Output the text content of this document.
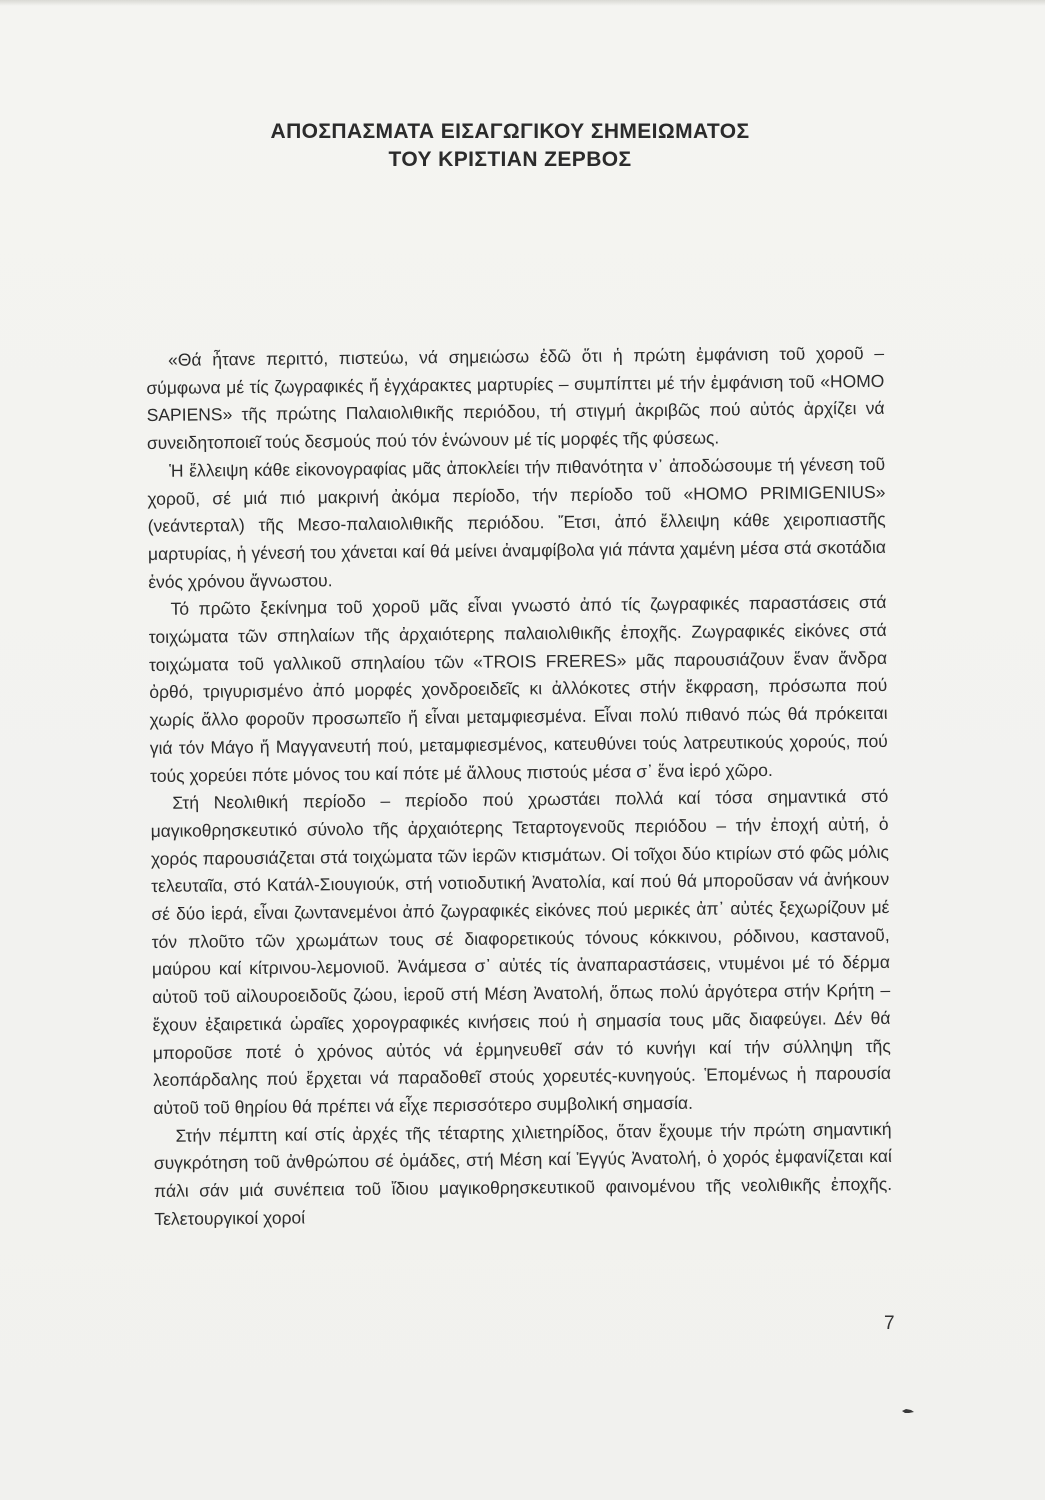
ΑΠΟΣΠΑΣΜΑΤΑ ΕΙΣΑΓΩΓΙΚΟΥ ΣΗΜΕΙΩΜΑΤΟΣ
ΤΟΥ ΚΡΙΣΤΙΑΝ ΖΕΡΒΟΣ

«Θά ἦτανε περιττό, πιστεύω, νά σημειώσω ἐδῶ ὅτι ἡ πρώτη ἐμφάνιση τοῦ χοροῦ – σύμφωνα μέ τίς ζωγραφικές ἤ ἐγχάρακτες μαρτυρίες – συμπίπτει μέ τήν ἐμφάνιση τοῦ «HOMO SAPIENS» τῆς πρώτης Παλαιολιθικῆς περιόδου, τή στιγμή ἀκριβῶς πού αὐτός ἀρχίζει νά συνειδητοποιεῖ τούς δεσμούς πού τόν ἑνώνουν μέ τίς μορφές τῆς φύσεως.

Ἡ ἔλλειψη κάθε εἰκονογραφίας μᾶς ἀποκλείει τήν πιθανότητα ν᾽ ἀποδώσουμε τή γένεση τοῦ χοροῦ, σέ μιά πιό μακρινή ἀκόμα περίοδο, τήν περίοδο τοῦ «HOMO PRIMIGENIUS» (νεάντερταλ) τῆς Μεσο-παλαιολιθικῆς περιόδου. Ἔτσι, ἀπό ἔλλειψη κάθε χειροπιαστῆς μαρτυρίας, ἡ γένεσή του χάνεται καί θά μείνει ἀναμφίβολα γιά πάντα χαμένη μέσα στά σκοτάδια ἑνός χρόνου ἄγνωστου.

Τό πρῶτο ξεκίνημα τοῦ χοροῦ μᾶς εἶναι γνωστό ἀπό τίς ζωγραφικές παραστάσεις στά τοιχώματα τῶν σπηλαίων τῆς ἀρχαιότερης παλαιολιθικῆς ἐποχῆς. Ζωγραφικές εἰκόνες στά τοιχώματα τοῦ γαλλικοῦ σπηλαίου τῶν «TROIS FRERES» μᾶς παρουσιάζουν ἕναν ἄνδρα ὀρθό, τριγυρισμένο ἀπό μορφές χονδροειδεῖς κι ἀλλόκοτες στήν ἔκφραση, πρόσωπα πού χωρίς ἄλλο φοροῦν προσωπεῖο ἤ εἶναι μεταμφιεσμένα. Εἶναι πολύ πιθανό πώς θά πρόκειται γιά τόν Μάγο ἤ Μαγγανευτή πού, μεταμφιεσμένος, κατευθύνει τούς λατρευτικούς χορούς, πού τούς χορεύει πότε μόνος του καί πότε μέ ἄλλους πιστούς μέσα σ᾽ ἕνα ἱερό χῶρο.

Στή Νεολιθική περίοδο – περίοδο πού χρωστάει πολλά καί τόσα σημαντικά στό μαγικοθρησκευτικό σύνολο τῆς ἀρχαιότερης Τεταρτογενοῦς περιόδου – τήν ἐποχή αὐτή, ὁ χορός παρουσιάζεται στά τοιχώματα τῶν ἱερῶν κτισμάτων. Οἱ τοῖχοι δύο κτιρίων στό φῶς μόλις τελευταῖα, στό Κατάλ-Σιουγιούκ, στή νοτιοδυτική Ἀνατολία, καί πού θά μποροῦσαν νά ἀνήκουν σέ δύο ἱερά, εἶναι ζωντανεμένοι ἀπό ζωγραφικές εἰκόνες πού μερικές ἀπ᾽ αὐτές ξεχωρίζουν μέ τόν πλοῦτο τῶν χρωμάτων τους σέ διαφορετικούς τόνους κόκκινου, ρόδινου, καστανοῦ, μαύρου καί κίτρινου-λεμονιοῦ. Ἀνάμεσα σ᾽ αὐτές τίς ἀναπαραστάσεις, ντυμένοι μέ τό δέρμα αὐτοῦ τοῦ αἰλουροειδοῦς ζώου, ἱεροῦ στή Μέση Ἀνατολή, ὅπως πολύ ἀργότερα στήν Κρήτη – ἔχουν ἐξαιρετικά ὡραῖες χορογραφικές κινήσεις πού ἡ σημασία τους μᾶς διαφεύγει. Δέν θά μποροῦσε ποτέ ὁ χρόνος αὐτός νά ἑρμηνευθεῖ σάν τό κυνήγι καί τήν σύλληψη τῆς λεοπάρδαλης πού ἔρχεται νά παραδοθεῖ στούς χορευτές-κυνηγούς. Ἑπομένως ἡ παρουσία αὐτοῦ τοῦ θηρίου θά πρέπει νά εἶχε περισσότερο συμβολική σημασία.

Στήν πέμπτη καί στίς ἀρχές τῆς τέταρτης χιλιετηρίδος, ὅταν ἔχουμε τήν πρώτη σημαντική συγκρότηση τοῦ ἀνθρώπου σέ ὁμάδες, στή Μέση καί Ἐγγύς Ἀνατολή, ὁ χορός ἐμφανίζεται καί πάλι σάν μιά συνέπεια τοῦ ἴδιου μαγικοθρησκευτικοῦ φαινομένου τῆς νεολιθικῆς ἐποχῆς. Τελετουργικοί χοροί

7
